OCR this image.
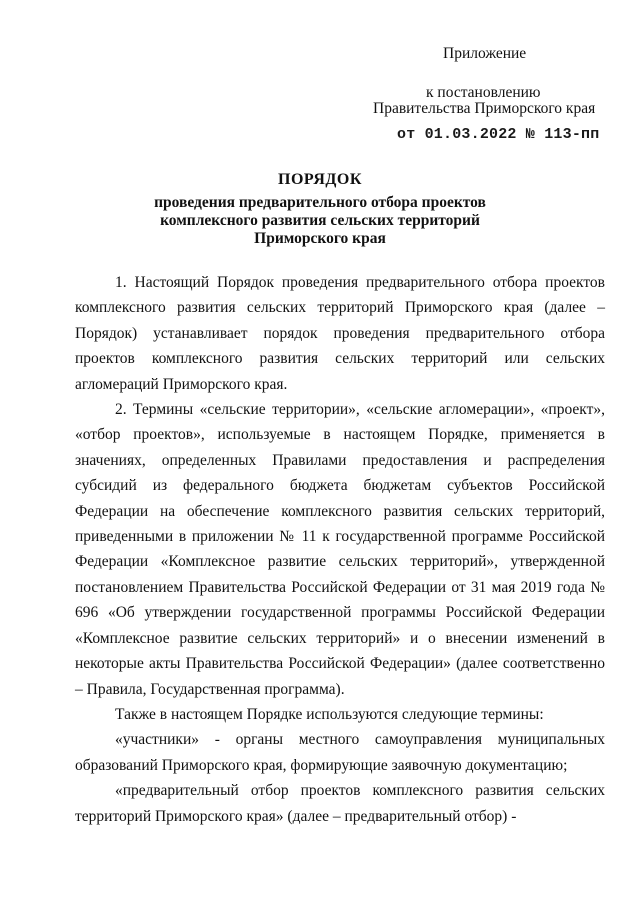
Приложение
к постановлению
Правительства Приморского края
от 01.03.2022 № 113-пп
ПОРЯДОК
проведения предварительного отбора проектов
комплексного развития сельских территорий
Приморского края

1. Настоящий Порядок проведения предварительного отбора проектов комплексного развития сельских территорий Приморского края (далее – Порядок) устанавливает порядок проведения предварительного отбора проектов комплексного развития сельских территорий или сельских агломераций Приморского края.

2. Термины «сельские территории», «сельские агломерации», «проект», «отбор проектов», используемые в настоящем Порядке, применяется в значениях, определенных Правилами предоставления и распределения субсидий из федерального бюджета бюджетам субъектов Российской Федерации на обеспечение комплексного развития сельских территорий, приведенными в приложении № 11 к государственной программе Российской Федерации «Комплексное развитие сельских территорий», утвержденной постановлением Правительства Российской Федерации от 31 мая 2019 года № 696 «Об утверждении государственной программы Российской Федерации «Комплексное развитие сельских территорий» и о внесении изменений в некоторые акты Правительства Российской Федерации» (далее соответственно – Правила, Государственная программа).

Также в настоящем Порядке используются следующие термины:

«участники» - органы местного самоуправления муниципальных образований Приморского края, формирующие заявочную документацию;

«предварительный отбор проектов комплексного развития сельских территорий Приморского края» (далее – предварительный отбор) -
